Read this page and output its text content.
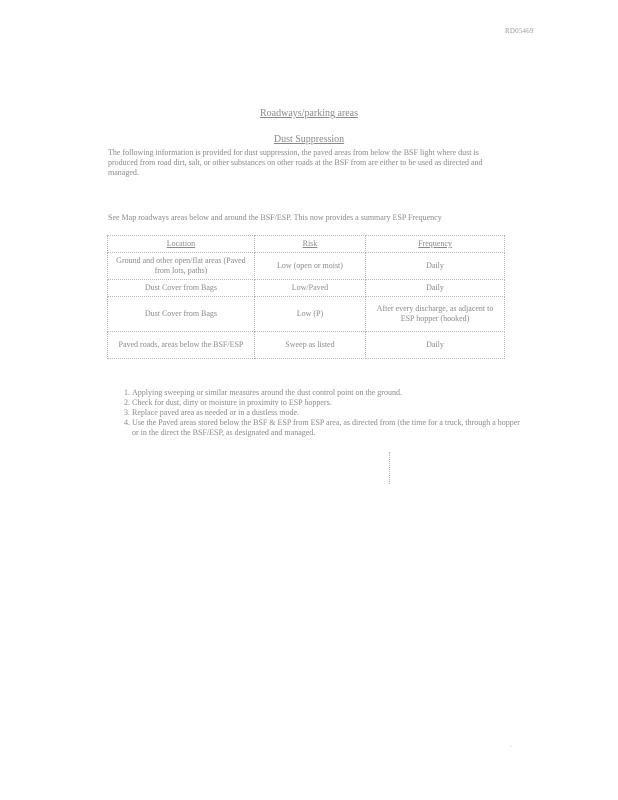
RD05469
Roadways/parking areas
Dust Suppression
The following information is provided for dust suppression, the paved areas from below the BSF light where dust is produced from road dirt, salt, or other substances on other roads at the BSF from are either to be used as directed and managed.
See Map roadways areas below and around the BSF/ESP. This now provides a summary ESP Frequency
Location	Risk	Frequency
Ground and other open/flat areas (Paved from lots, paths)	Low (open or moist)	Daily
Dust Cover from Bags	Low/Paved	Daily
Dust Cover from Bags	Low (P)	After every discharge, as adjacent to ESP hopper (hooked)
Paved roads, areas below the BSF/ESP	Sweep as listed	Daily
1. Applying sweeping or similar measures around the dust control point on the ground.
2. Check for dust, dirty or moisture in proximity to ESP hoppers.
3. Replace paved area as needed or in a dustless mode.
4. Use the Paved areas stored below the BSF & ESP from ESP area, as directed from (the time for a truck, through a hopper or in the direct the BSF/ESP, as designated and managed.
·
